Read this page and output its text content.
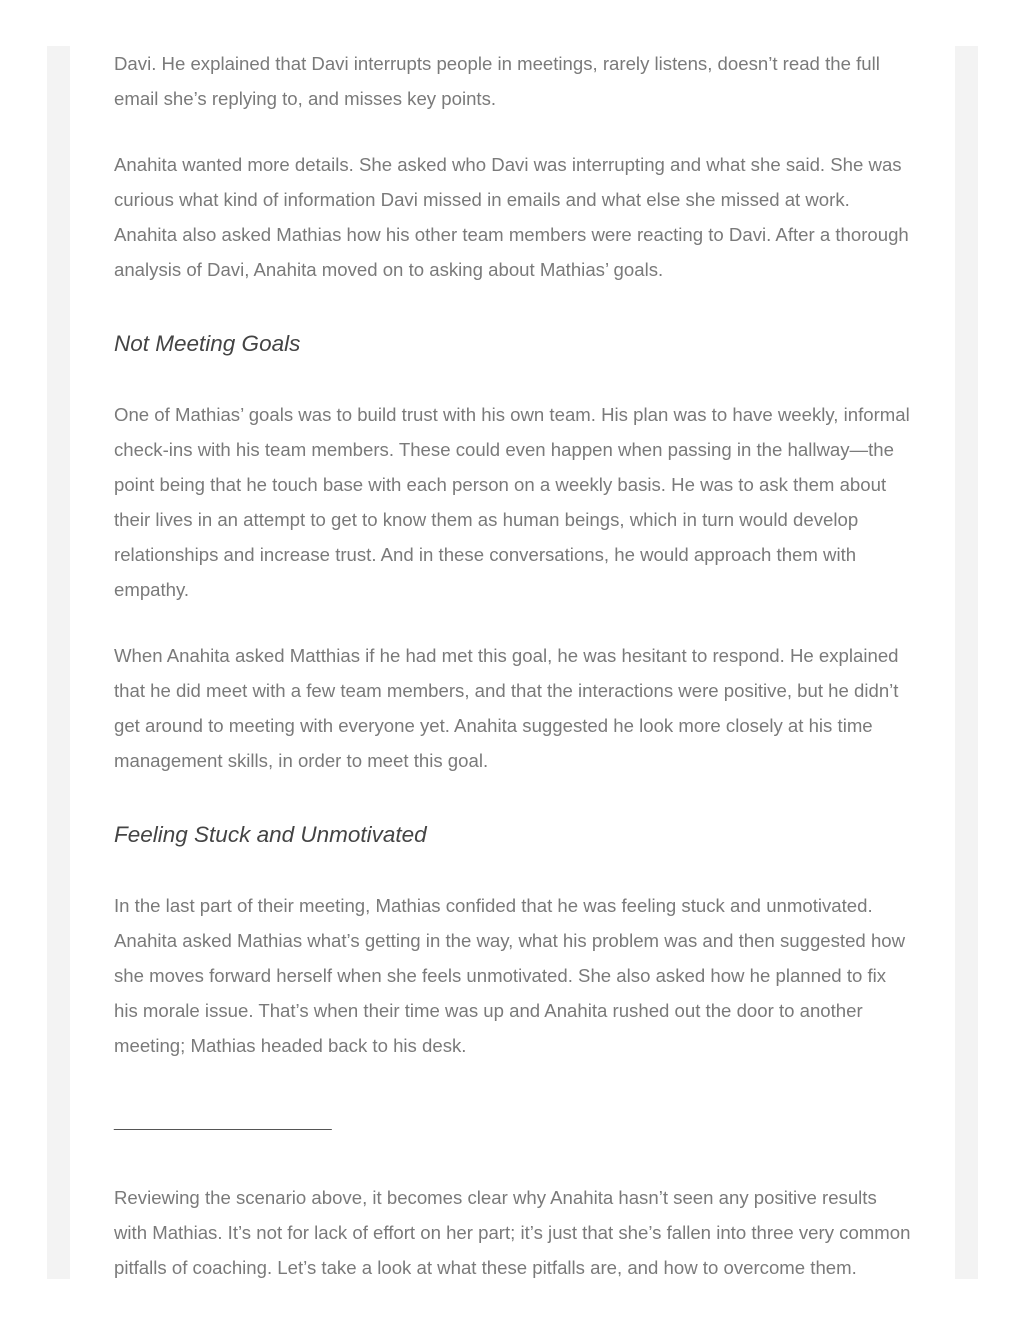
Davi. He explained that Davi interrupts people in meetings, rarely listens, doesn’t read the full email she’s replying to, and misses key points.

Anahita wanted more details. She asked who Davi was interrupting and what she said. She was curious what kind of information Davi missed in emails and what else she missed at work. Anahita also asked Mathias how his other team members were reacting to Davi. After a thorough analysis of Davi, Anahita moved on to asking about Mathias’ goals.

Not Meeting Goals

One of Mathias’ goals was to build trust with his own team. His plan was to have weekly, informal check-ins with his team members. These could even happen when passing in the hallway—the point being that he touch base with each person on a weekly basis. He was to ask them about their lives in an attempt to get to know them as human beings, which in turn would develop relationships and increase trust. And in these conversations, he would approach them with empathy.

When Anahita asked Matthias if he had met this goal, he was hesitant to respond. He explained that he did meet with a few team members, and that the interactions were positive, but he didn’t get around to meeting with everyone yet. Anahita suggested he look more closely at his time management skills, in order to meet this goal.

Feeling Stuck and Unmotivated

In the last part of their meeting, Mathias confided that he was feeling stuck and unmotivated. Anahita asked Mathias what’s getting in the way, what his problem was and then suggested how she moves forward herself when she feels unmotivated. She also asked how he planned to fix his morale issue. That’s when their time was up and Anahita rushed out the door to another meeting; Mathias headed back to his desk.

_________________________

Reviewing the scenario above, it becomes clear why Anahita hasn’t seen any positive results with Mathias. It’s not for lack of effort on her part; it’s just that she’s fallen into three very common pitfalls of coaching. Let’s take a look at what these pitfalls are, and how to overcome them.
